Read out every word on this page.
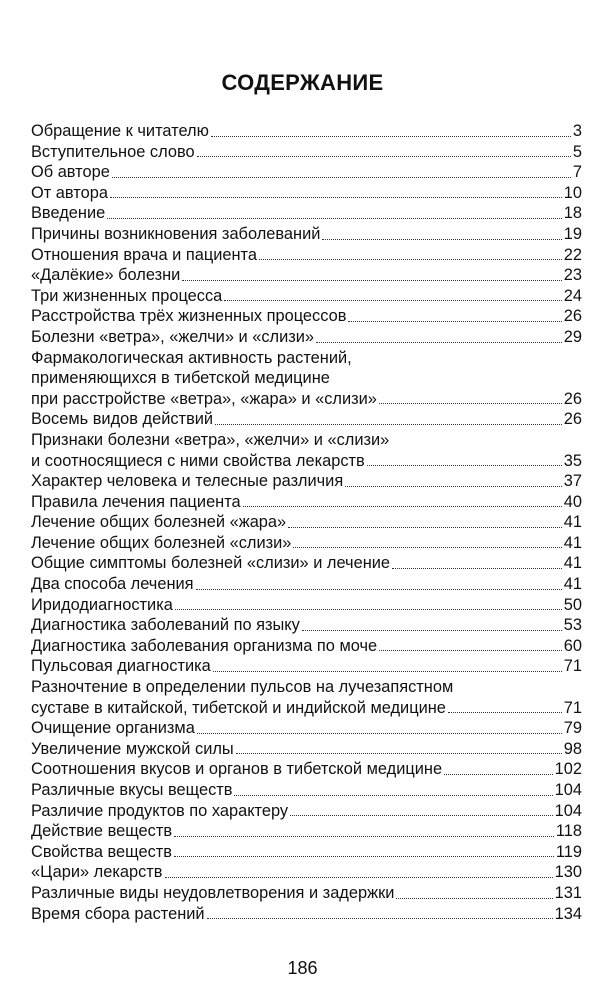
СОДЕРЖАНИЕ
Обращение к читателю	3
Вступительное слово	5
Об авторе	7
От автора	10
Введение	18
Причины возникновения заболеваний	19
Отношения врача и пациента	22
«Далёкие» болезни	23
Три жизненных процесса	24
Расстройства трёх жизненных процессов	26
Болезни «ветра», «желчи» и «слизи»	29
Фармакологическая активность растений,
применяющихся в тибетской медицине
при расстройстве «ветра», «жара» и «слизи»	26
Восемь видов действий	26
Признаки болезни «ветра», «желчи» и «слизи»
и соотносящиеся с ними свойства лекарств	35
Характер человека и телесные различия	37
Правила лечения пациента	40
Лечение общих болезней «жара»	41
Лечение общих болезней «слизи»	41
Общие симптомы болезней «слизи» и лечение	41
Два способа лечения	41
Иридодиагностика	50
Диагностика заболеваний по языку	53
Диагностика заболевания организма по моче	60
Пульсовая диагностика	71
Разночтение в определении пульсов на лучезапястном
суставе в китайской, тибетской и индийской медицине	71
Очищение организма	79
Увеличение мужской силы	98
Соотношения вкусов и органов в тибетской медицине	102
Различные вкусы веществ	104
Различие продуктов по характеру	104
Действие веществ	118
Свойства веществ	119
«Цари» лекарств	130
Различные виды неудовлетворения и задержки	131
Время сбора растений	134
186
